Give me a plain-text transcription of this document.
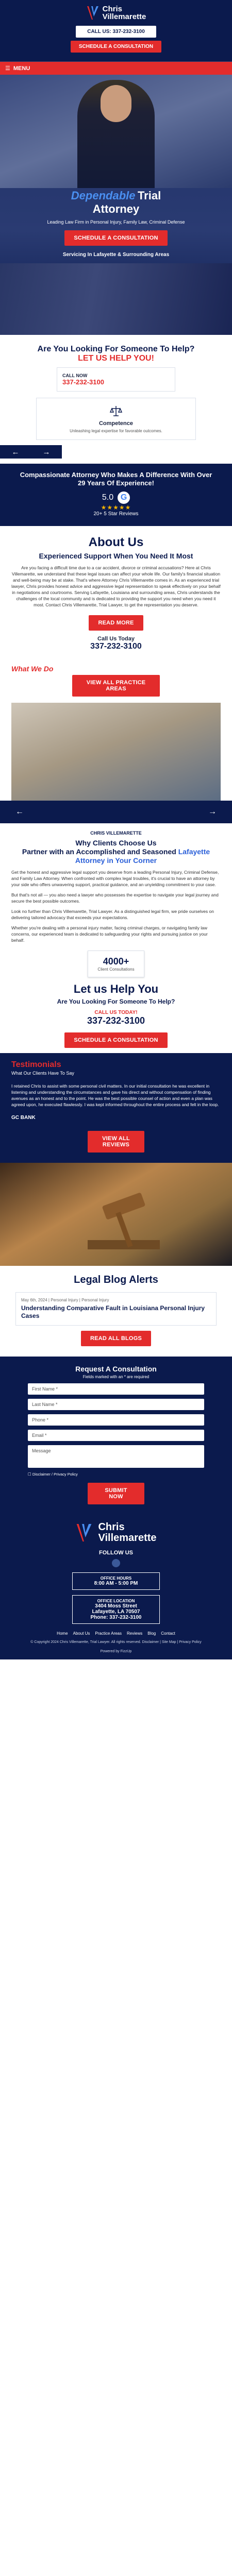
Chris
Villemarette
CALL US: 337-232-3100
SCHEDULE A CONSULTATION
☰ MENU
Dependable Trial
Attorney
Leading Law Firm in Personal Injury, Family Law, Criminal Defense
SCHEDULE A CONSULTATION
Servicing In Lafayette & Surrounding Areas
Are You Looking For Someone To Help?
LET US HELP YOU!
CALL NOW
337-232-3100
Competence
Unleashing legal expertise for favorable outcomes.
←	→
Compassionate Attorney Who Makes A Difference With Over 29 Years Of Experience!
5.0 G
★★★★★
20+ 5 Star Reviews
About Us
Experienced Support When You Need It Most
Are you facing a difficult time due to a car accident, divorce or criminal accusations? Here at Chris Villemarette, we understand that these legal issues can affect your whole life. Our family's financial situation and well-being may be at stake. That's where Attorney Chris Villemarette comes in. As an experienced trial lawyer, Chris provides honest advice and aggressive legal representation to speak effectively on your behalf in negotiations and courtrooms. Serving Lafayette, Louisiana and surrounding areas, Chris understands the challenges of the local community and is dedicated to providing the support you need when you need it most. Contact Chris Villemarette, Trial Lawyer, to get the representation you deserve.
READ MORE
Call Us Today
337-232-3100
What We Do
VIEW ALL PRACTICE AREAS
←	→
CHRIS VILLEMARETTE
Why Clients Choose Us
Partner with an Accomplished and Seasoned Lafayette Attorney in Your Corner
Get the honest and aggressive legal support you deserve from a leading Personal Injury, Criminal Defense, and Family Law Attorney. When confronted with complex legal troubles, it's crucial to have an attorney by your side who offers unwavering support, practical guidance, and an unyielding commitment to your case.
But that's not all — you also need a lawyer who possesses the expertise to navigate your legal journey and secure the best possible outcomes.
Look no further than Chris Villemarette, Trial Lawyer. As a distinguished legal firm, we pride ourselves on delivering tailored advocacy that exceeds your expectations.
Whether you're dealing with a personal injury matter, facing criminal charges, or navigating family law concerns, our experienced team is dedicated to safeguarding your rights and pursuing justice on your behalf.
4000+
Client Consultations
Let us Help You
Are You Looking For Someone To Help?
CALL US TODAY!
337-232-3100
SCHEDULE A CONSULTATION
Testimonials
What Our Clients Have To Say
I retained Chris to assist with some personal civil matters. In our initial consultation he was excellent in listening and understanding the circumstances and gave his direct and without compensation of finding avenues as an honest and to the point. He was the best possible counsel of action and even a plan was agreed upon, he executed flawlessly. I was kept informed throughout the entire process and felt in the loop.
GC BANK
VIEW ALL REVIEWS
Legal Blog Alerts
May 6th, 2024 | Personal Injury | Personal Injury
Understanding Comparative Fault in Louisiana Personal Injury Cases
READ ALL BLOGS
Request A Consultation
Fields marked with an * are required
First Name *
Last Name *
Phone *
Email *
Message
☐ Disclaimer / Privacy Policy
SUBMIT NOW
Chris
Villemarette
FOLLOW US
OFFICE HOURS
8:00 AM - 5:00 PM
OFFICE LOCATION
3404 Moss Street
Lafayette, LA 70507
Phone: 337-232-3100
Home About Us Practice Areas Reviews Blog Contact
© Copyright 2024 Chris Villemarette, Trial Lawyer. All rights reserved. Disclaimer | Site Map | Privacy Policy
Powered by FizzUp
